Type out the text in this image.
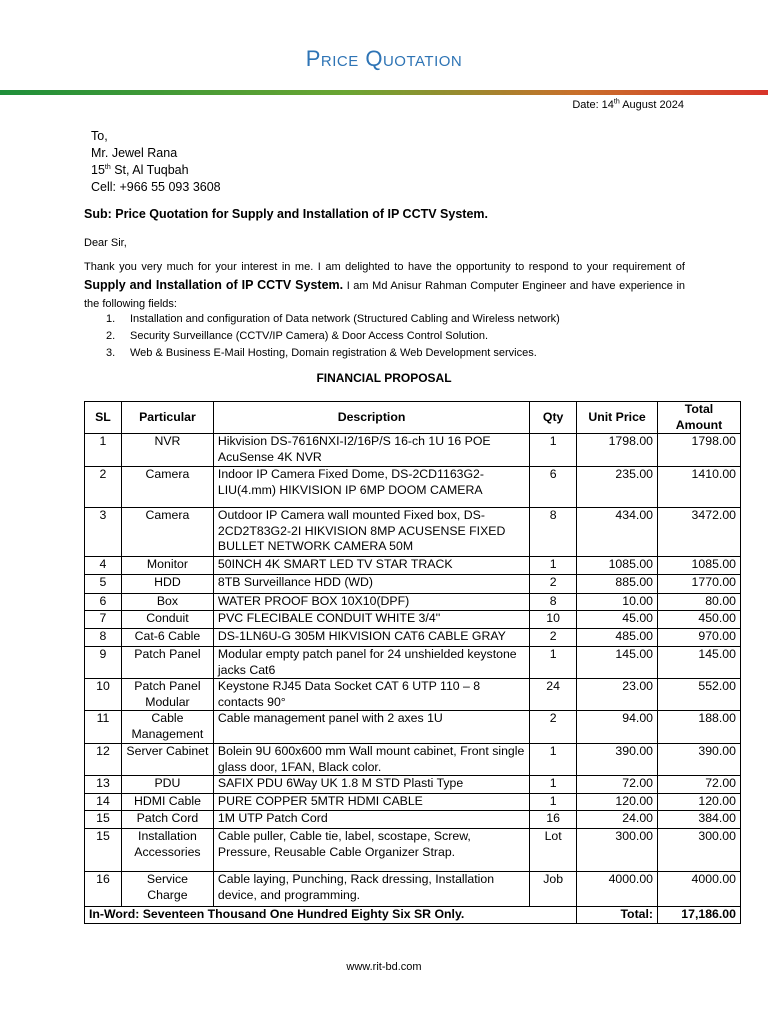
Price Quotation
Date: 14th August 2024
To,
Mr. Jewel Rana
15th St, Al Tuqbah
Cell: +966 55 093 3608
Sub: Price Quotation for Supply and Installation of IP CCTV System.
Dear Sir,
Thank you very much for your interest in me. I am delighted to have the opportunity to respond to your requirement of Supply and Installation of IP CCTV System. I am Md Anisur Rahman Computer Engineer and have experience in the following fields:
1. Installation and configuration of Data network (Structured Cabling and Wireless network)
2. Security Surveillance (CCTV/IP Camera) & Door Access Control Solution.
3. Web & Business E-Mail Hosting, Domain registration & Web Development services.
FINANCIAL PROPOSAL
SL	Particular	Description	Qty	Unit Price	Total Amount
1	NVR	Hikvision DS-7616NXI-I2/16P/S 16-ch 1U 16 POE AcuSense 4K NVR	1	1798.00	1798.00
2	Camera	Indoor IP Camera Fixed Dome, DS-2CD1163G2-LIU(4.mm) HIKVISION IP 6MP DOOM CAMERA	6	235.00	1410.00
3	Camera	Outdoor IP Camera wall mounted Fixed box, DS-2CD2T83G2-2I HIKVISION 8MP ACUSENSE FIXED BULLET NETWORK CAMERA 50M	8	434.00	3472.00
4	Monitor	50INCH 4K SMART LED TV STAR TRACK	1	1085.00	1085.00
5	HDD	8TB Surveillance HDD (WD)	2	885.00	1770.00
6	Box	WATER PROOF BOX 10X10(DPF)	8	10.00	80.00
7	Conduit	PVC FLECIBALE CONDUIT WHITE 3/4''	10	45.00	450.00
8	Cat-6 Cable	DS-1LN6U-G 305M HIKVISION CAT6 CABLE GRAY	2	485.00	970.00
9	Patch Panel	Modular empty patch panel for 24 unshielded keystone jacks Cat6	1	145.00	145.00
10	Patch Panel Modular	Keystone RJ45 Data Socket CAT 6 UTP 110 – 8 contacts 90°	24	23.00	552.00
11	Cable Management	Cable management panel with 2 axes 1U	2	94.00	188.00
12	Server Cabinet	Bolein 9U 600x600 mm Wall mount cabinet, Front single glass door, 1FAN, Black color.	1	390.00	390.00
13	PDU	SAFIX PDU 6Way UK 1.8 M STD Plasti Type	1	72.00	72.00
14	HDMI Cable	PURE COPPER 5MTR HDMI CABLE	1	120.00	120.00
15	Patch Cord	1M UTP Patch Cord	16	24.00	384.00
15	Installation Accessories	Cable puller, Cable tie, label, scostape, Screw, Pressure, Reusable Cable Organizer Strap.	Lot	300.00	300.00
16	Service Charge	Cable laying, Punching, Rack dressing, Installation device, and programming.	Job	4000.00	4000.00
In-Word: Seventeen Thousand One Hundred Eighty Six SR Only.				Total:	17,186.00
www.rit-bd.com
